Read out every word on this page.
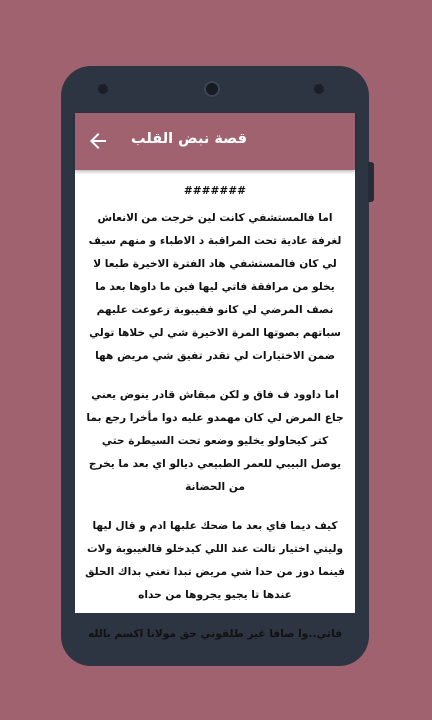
قصة نبض القلب

#######

اما فالمستشفي كانت لين خرجت من الانعاش لغرفة عادية تحت المراقبة د الاطباء و منهم سيف لي كان فالمستشفي هاد الفترة الاخيرة طبعا لا يخلو من مرافقة فاتي ليها فين ما داوها بعد ما نصف المرضي لي كانو ففيبوبة زعوعت عليهم سباتهم بصوتها المرة الاخيرة شي لي خلاها تولي ضمن الاختيارات لي تقدر تفيق شي مريض هها

اما داوود ف فاق و لكن مبقاش قادر ينوض يعني جاع المرض لي كان مهمدو عليه دوا مأخرا رجع بما كتر كيحاولو يخليو وضعو تحت السيطرة حتي يوصل البيبي للعمر الطبيعي ديالو اي بعد ما يخرج من الحضانة

كيف ديما فاي بعد ما ضحك علبها ادم و قال ليها وليتي اختيار تالت عند اللي كيدخلو فالغيبوبة ولات فينما دوز من حدا شي مريض تبدا تغني بداك الحلق عندها تا يجيو يجروها من حداه

فاتي..وا صافا غير طلقوني حق مولانا اكسم بالله
